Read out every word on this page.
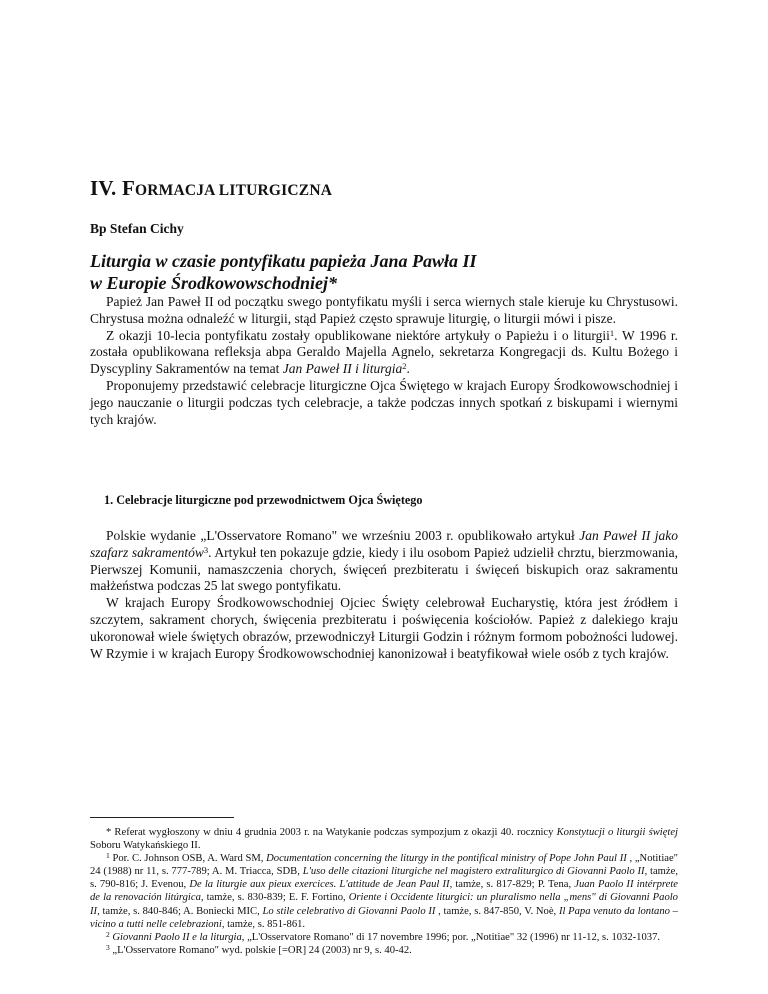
IV. FORMACJA LITURGICZNA
Bp Stefan Cichy
Liturgia w czasie pontyfikatu papieża Jana Pawła II
w Europie Środkowowschodniej*

Papież Jan Paweł II od początku swego pontyfikatu myśli i serca wiernych stale kieruje ku Chrystusowi. Chrystusa można odnaleźć w liturgii, stąd Papież często sprawuje liturgię, o liturgii mówi i pisze.

Z okazji 10-lecia pontyfikatu zostały opublikowane niektóre artykuły o Papieżu i o liturgii$^1$. W 1996 r. została opublikowana refleksja abpa Geraldo Majella Agnelo, sekretarza Kongregacji ds. Kultu Bożego i Dyscypliny Sakramentów na temat Jan Paweł II i liturgia$^2$.

Proponujemy przedstawić celebracje liturgiczne Ojca Świętego w krajach Europy Środkowowschodniej i jego nauczanie o liturgii podczas tych celebracje, a także podczas innych spotkań z biskupami i wiernymi tych krajów.

1. Celebracje liturgiczne pod przewodnictwem Ojca Świętego

Polskie wydanie „L'Osservatore Romano" we wrześniu 2003 r. opublikowało artykuł Jan Paweł II jako szafarz sakramentów$^3$. Artykuł ten pokazuje gdzie, kiedy i ilu osobom Papież udzielił chrztu, bierzmowania, Pierwszej Komunii, namaszczenia chorych, święceń prezbiteratu i święceń biskupich oraz sakramentu małżeństwa podczas 25 lat swego pontyfikatu.

W krajach Europy Środkowowschodniej Ojciec Święty celebrował Eucharystię, która jest źródłem i szczytem, sakrament chorych, święcenia prezbiteratu i poświęcenia kościołów. Papież z dalekiego kraju ukoronował wiele świętych obrazów, przewodniczył Liturgii Godzin i różnym formom pobożności ludowej. W Rzymie i w krajach Europy Środkowowschodniej kanonizował i beatyfikował wiele osób z tych krajów.

* Referat wygłoszony w dniu 4 grudnia 2003 r. na Watykanie podczas sympozjum z okazji 40. rocznicy Konstytucji o liturgii świętej Soboru Watykańskiego II.

$^1$ Por. C. Johnson OSB, A. Ward SM, Documentation concerning the liturgy in the pontifical ministry of Pope John Paul II , „Notitiae" 24 (1988) nr 11, s. 777-789; A. M. Triacca, SDB, L'uso delle citazioni liturgiche nel magistero extraliturgico di Giovanni Paolo II, tamże, s. 790-816; J. Evenou, De la liturgie aux pieux exercices. L'attitude de Jean Paul II, tamże, s. 817-829; P. Tena, Juan Paolo II intérprete de la renovación litúrgica, tamże, s. 830-839; E. F. Fortino, Oriente i Occidente liturgici: un pluralismo nella „mens" di Giovanni Paolo II, tamże, s. 840-846; A. Boniecki MIC, Lo stile celebrativo di Giovanni Paolo II , tamże, s. 847-850, V. Noè, Il Papa venuto da lontano – vicino a tutti nelle celebrazioni, tamże, s. 851-861.

$^2$ Giovanni Paolo II e la liturgia, „L'Osservatore Romano" di 17 novembre 1996; por. „Notitiae" 32 (1996) nr 11-12, s. 1032-1037.

$^3$ „L'Osservatore Romano" wyd. polskie [=OR] 24 (2003) nr 9, s. 40-42.
